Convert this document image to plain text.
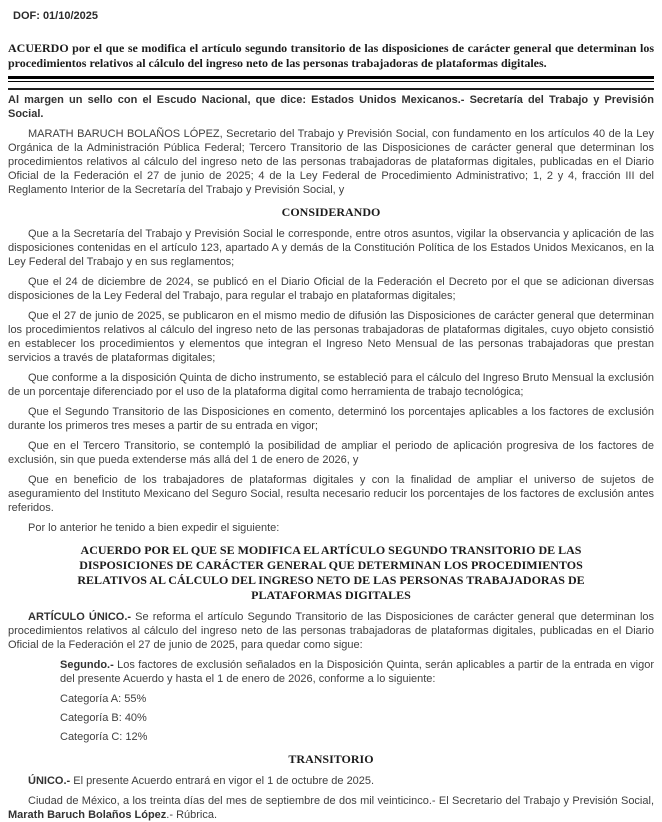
DOF: 01/10/2025
ACUERDO por el que se modifica el artículo segundo transitorio de las disposiciones de carácter general que determinan los procedimientos relativos al cálculo del ingreso neto de las personas trabajadoras de plataformas digitales.
Al margen un sello con el Escudo Nacional, que dice: Estados Unidos Mexicanos.- Secretaría del Trabajo y Previsión Social.

MARATH BARUCH BOLAÑOS LÓPEZ, Secretario del Trabajo y Previsión Social, con fundamento en los artículos 40 de la Ley Orgánica de la Administración Pública Federal; Tercero Transitorio de las Disposiciones de carácter general que determinan los procedimientos relativos al cálculo del ingreso neto de las personas trabajadoras de plataformas digitales, publicadas en el Diario Oficial de la Federación el 27 de junio de 2025; 4 de la Ley Federal de Procedimiento Administrativo; 1, 2 y 4, fracción III del Reglamento Interior de la Secretaría del Trabajo y Previsión Social, y

CONSIDERANDO

Que a la Secretaría del Trabajo y Previsión Social le corresponde, entre otros asuntos, vigilar la observancia y aplicación de las disposiciones contenidas en el artículo 123, apartado A y demás de la Constitución Política de los Estados Unidos Mexicanos, en la Ley Federal del Trabajo y en sus reglamentos;

Que el 24 de diciembre de 2024, se publicó en el Diario Oficial de la Federación el Decreto por el que se adicionan diversas disposiciones de la Ley Federal del Trabajo, para regular el trabajo en plataformas digitales;

Que el 27 de junio de 2025, se publicaron en el mismo medio de difusión las Disposiciones de carácter general que determinan los procedimientos relativos al cálculo del ingreso neto de las personas trabajadoras de plataformas digitales, cuyo objeto consistió en establecer los procedimientos y elementos que integran el Ingreso Neto Mensual de las personas trabajadoras que prestan servicios a través de plataformas digitales;

Que conforme a la disposición Quinta de dicho instrumento, se estableció para el cálculo del Ingreso Bruto Mensual la exclusión de un porcentaje diferenciado por el uso de la plataforma digital como herramienta de trabajo tecnológica;

Que el Segundo Transitorio de las Disposiciones en comento, determinó los porcentajes aplicables a los factores de exclusión durante los primeros tres meses a partir de su entrada en vigor;

Que en el Tercero Transitorio, se contempló la posibilidad de ampliar el periodo de aplicación progresiva de los factores de exclusión, sin que pueda extenderse más allá del 1 de enero de 2026, y

Que en beneficio de los trabajadores de plataformas digitales y con la finalidad de ampliar el universo de sujetos de aseguramiento del Instituto Mexicano del Seguro Social, resulta necesario reducir los porcentajes de los factores de exclusión antes referidos.

Por lo anterior he tenido a bien expedir el siguiente:

ACUERDO POR EL QUE SE MODIFICA EL ARTÍCULO SEGUNDO TRANSITORIO DE LAS DISPOSICIONES DE CARÁCTER GENERAL QUE DETERMINAN LOS PROCEDIMIENTOS RELATIVOS AL CÁLCULO DEL INGRESO NETO DE LAS PERSONAS TRABAJADORAS DE PLATAFORMAS DIGITALES

ARTÍCULO ÚNICO.- Se reforma el artículo Segundo Transitorio de las Disposiciones de carácter general que determinan los procedimientos relativos al cálculo del ingreso neto de las personas trabajadoras de plataformas digitales, publicadas en el Diario Oficial de la Federación el 27 de junio de 2025, para quedar como sigue:

Segundo.- Los factores de exclusión señalados en la Disposición Quinta, serán aplicables a partir de la entrada en vigor del presente Acuerdo y hasta el 1 de enero de 2026, conforme a lo siguiente:

Categoría A: 55%

Categoría B: 40%

Categoría C: 12%

TRANSITORIO

ÚNICO.- El presente Acuerdo entrará en vigor el 1 de octubre de 2025.

Ciudad de México, a los treinta días del mes de septiembre de dos mil veinticinco.- El Secretario del Trabajo y Previsión Social, Marath Baruch Bolaños López.- Rúbrica.
